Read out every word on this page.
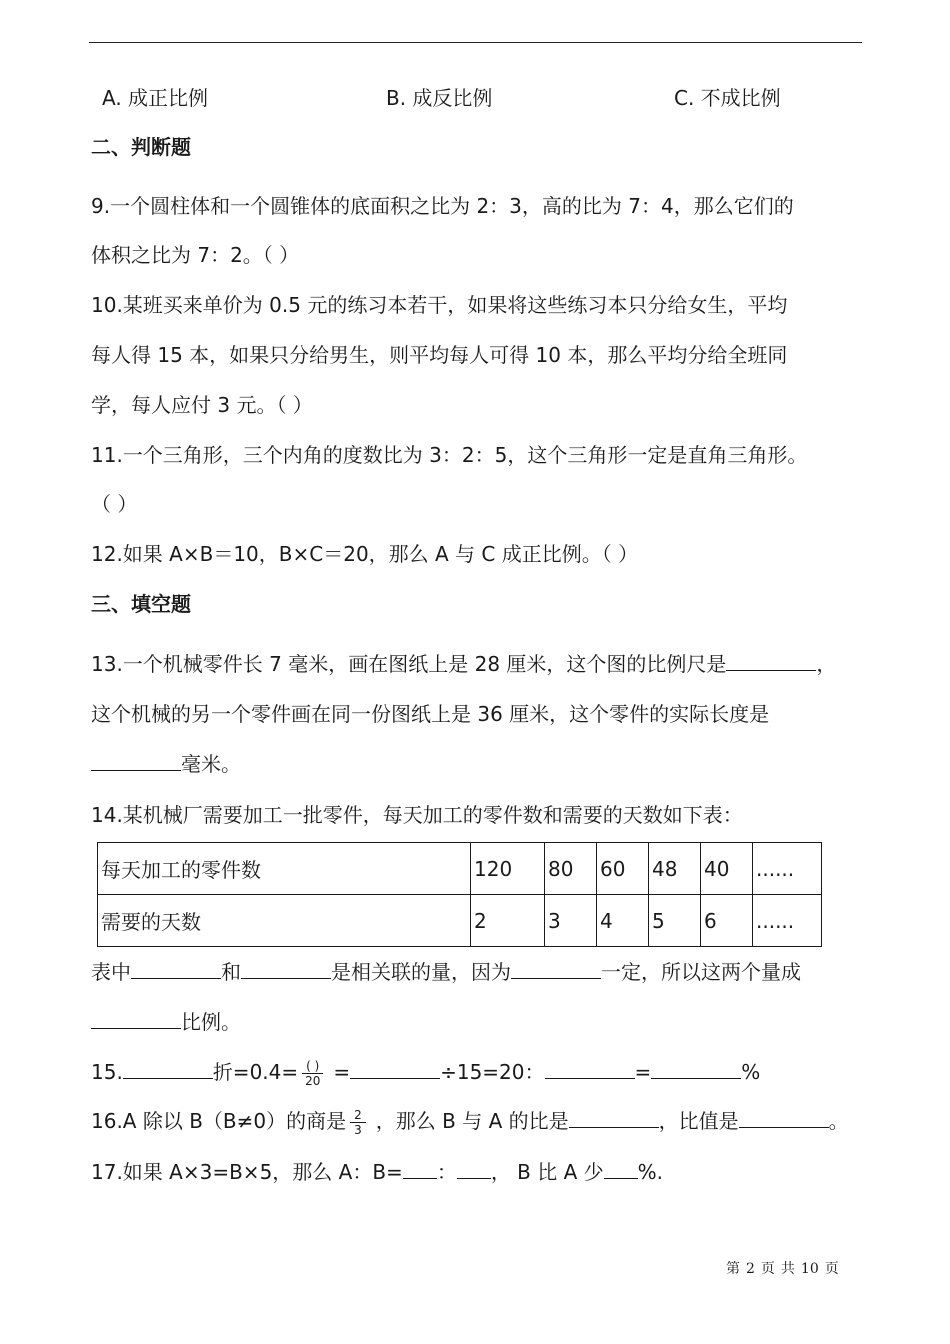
A. 成正比例	B. 成反比例	C. 不成比例
二、判断题
9.一个圆柱体和一个圆锥体的底面积之比为 2：3，高的比为 7：4，那么它们的
体积之比为 7：2。（ ）
10.某班买来单价为 0.5 元的练习本若干，如果将这些练习本只分给女生，平均
每人得 15 本，如果只分给男生，则平均每人可得 10 本，那么平均分给全班同
学，每人应付 3 元。（ ）
11.一个三角形，三个内角的度数比为 3：2：5，这个三角形一定是直角三角形。
（ ）
12.如果 A×B＝10，B×C＝20，那么 A 与 C 成正比例。（ ）
三、填空题
13.一个机械零件长 7 毫米，画在图纸上是 28 厘米，这个图的比例尺是	，
这个机械的另一个零件画在同一份图纸上是 36 厘米，这个零件的实际长度是
毫米。
14.某机械厂需要加工一批零件，每天加工的零件数和需要的天数如下表：
每天加工的零件数	120	80	60	48	40	......
需要的天数	2	3	4	5	6	......
表中	和	是相关联的量，因为	一定，所以这两个量成
比例。
15.	折$=0.4= \frac{( )}{20}$ =	÷15=20：	=	%
16.A 除以 B（B≠0）的商是 $\frac{2}{3}$ ，那么 B 与 A 的比是	，比值是	。
17.如果 A×3=B×5，那么 A：B= ： ， B 比 A 少 %.
第 2 页 共 10 页
